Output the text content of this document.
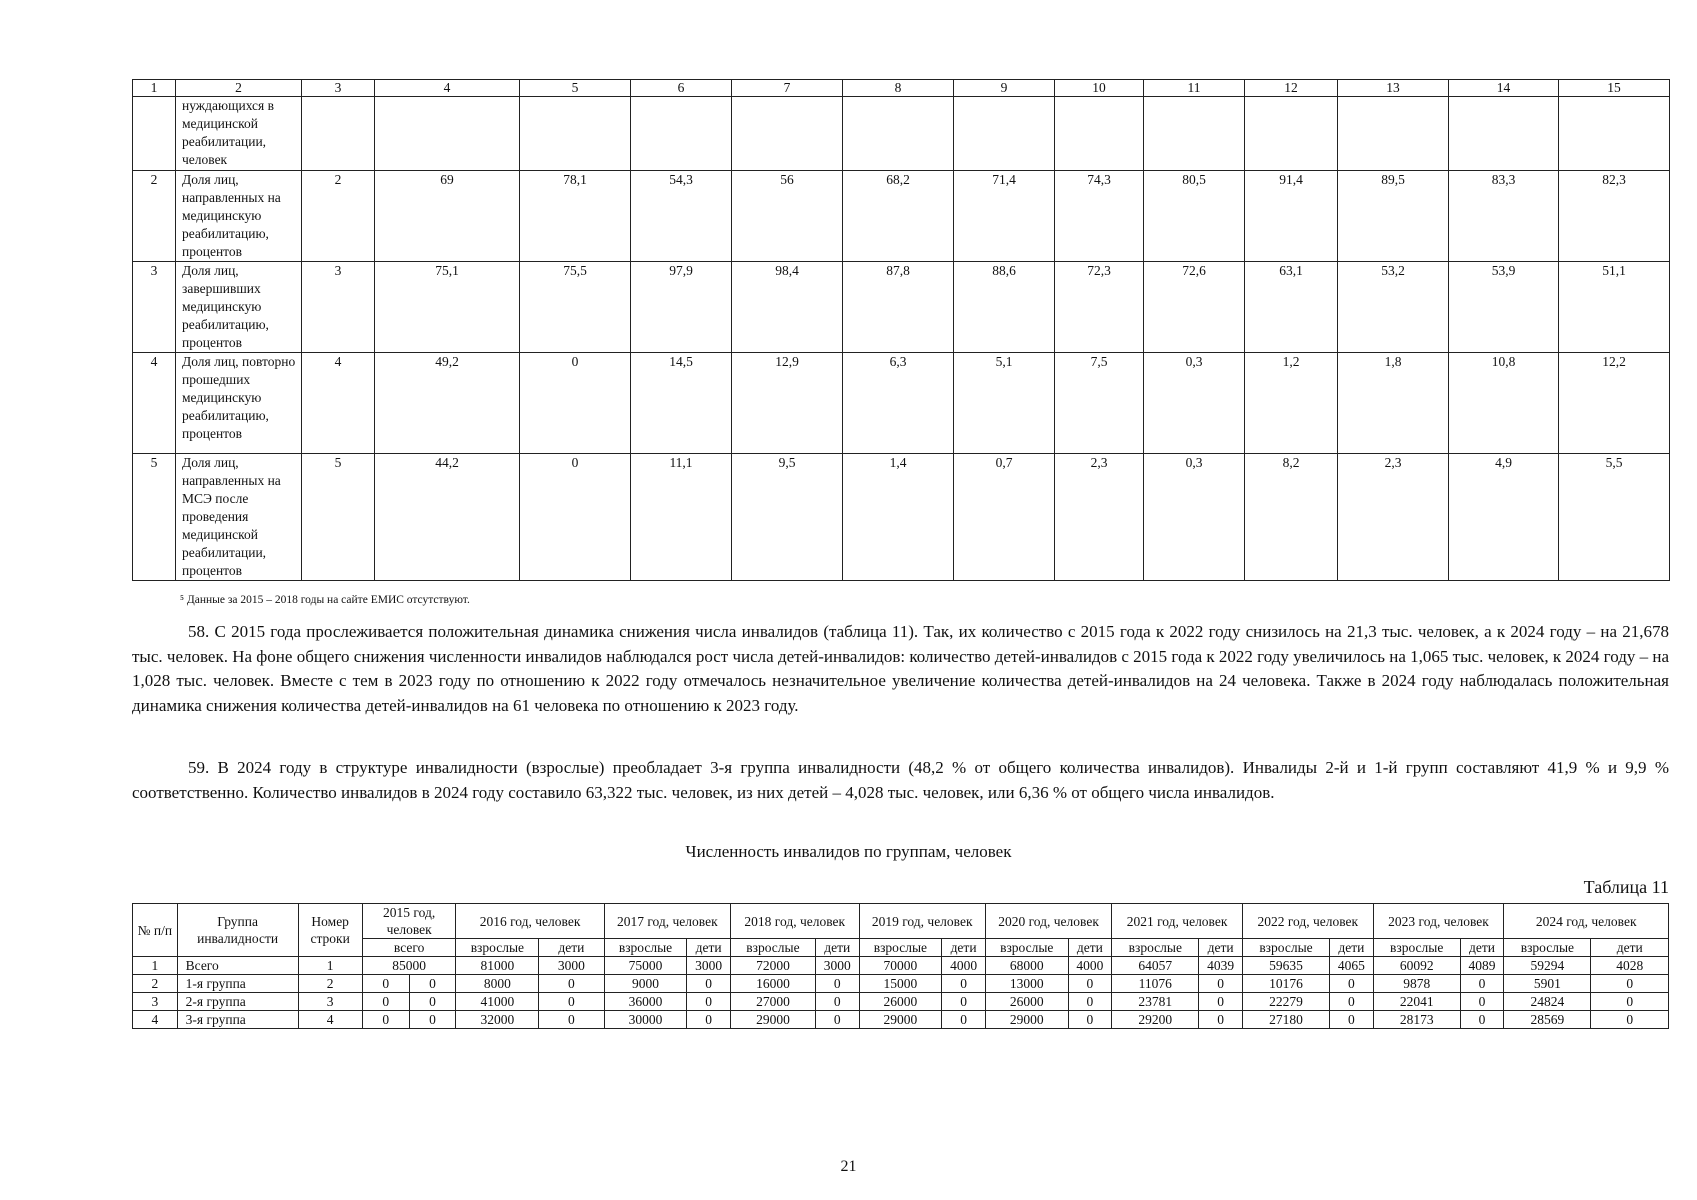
1	2	3	4	5	6	7	8	9	10	11	12	13	14	15
	нуждающихся в медицинской реабилитации, человек													
2	Доля лиц, направленных на медицинскую реабилитацию, процентов	2	69	78,1	54,3	56	68,2	71,4	74,3	80,5	91,4	89,5	83,3	82,3
3	Доля лиц, завершивших медицинскую реабилитацию, процентов	3	75,1	75,5	97,9	98,4	87,8	88,6	72,3	72,6	63,1	53,2	53,9	51,1
4	Доля лиц, повторно прошедших медицинскую реабилитацию, процентов	4	49,2	0	14,5	12,9	6,3	5,1	7,5	0,3	1,2	1,8	10,8	12,2
5	Доля лиц, направленных на МСЭ после проведения медицинской реабилитации, процентов	5	44,2	0	11,1	9,5	1,4	0,7	2,3	0,3	8,2	2,3	4,9	5,5
⁵ Данные за 2015 – 2018 годы на сайте ЕМИС отсутствуют.

58. С 2015 года прослеживается положительная динамика снижения числа инвалидов (таблица 11). Так, их количество с 2015 года к 2022 году снизилось на 21,3 тыс. человек, а к 2024 году – на 21,678 тыс. человек. На фоне общего снижения численности инвалидов наблюдался рост числа детей-инвалидов: количество детей-инвалидов с 2015 года к 2022 году увеличилось на 1,065 тыс. человек, к 2024 году – на 1,028 тыс. человек. Вместе с тем в 2023 году по отношению к 2022 году отмечалось незначительное увеличение количества детей-инвалидов на 24 человека. Также в 2024 году наблюдалась положительная динамика снижения количества детей-инвалидов на 61 человека по отношению к 2023 году.

59. В 2024 году в структуре инвалидности (взрослые) преобладает 3-я группа инвалидности (48,2 % от общего количества инвалидов). Инвалиды 2-й и 1-й групп составляют 41,9 % и 9,9 % соответственно. Количество инвалидов в 2024 году составило 63,322 тыс. человек, из них детей – 4,028 тыс. человек, или 6,36 % от общего числа инвалидов.

Численность инвалидов по группам, человек
Таблица 11
№ п/п	Группа инвалидности	Номер строки	2015 год, человек		2016 год, человек		2017 год, человек		2018 год, человек		2019 год, человек		2020 год, человек		2021 год, человек		2022 год, человек		2023 год, человек		2024 год, человек	
			всего		взрослые	дети	взрослые	дети	взрослые	дети	взрослые	дети	взрослые	дети	взрослые	дети	взрослые	дети	взрослые	дети	взрослые	дети
1	Всего	1	85000		81000	3000	75000	3000	72000	3000	70000	4000	68000	4000	64057	4039	59635	4065	60092	4089	59294	4028
2	1-я группа	2	0	0	8000	0	9000	0	16000	0	15000	0	13000	0	11076	0	10176	0	9878	0	5901	0
3	2-я группа	3	0	0	41000	0	36000	0	27000	0	26000	0	26000	0	23781	0	22279	0	22041	0	24824	0
4	3-я группа	4	0	0	32000	0	30000	0	29000	0	29000	0	29000	0	29200	0	27180	0	28173	0	28569	0
21
